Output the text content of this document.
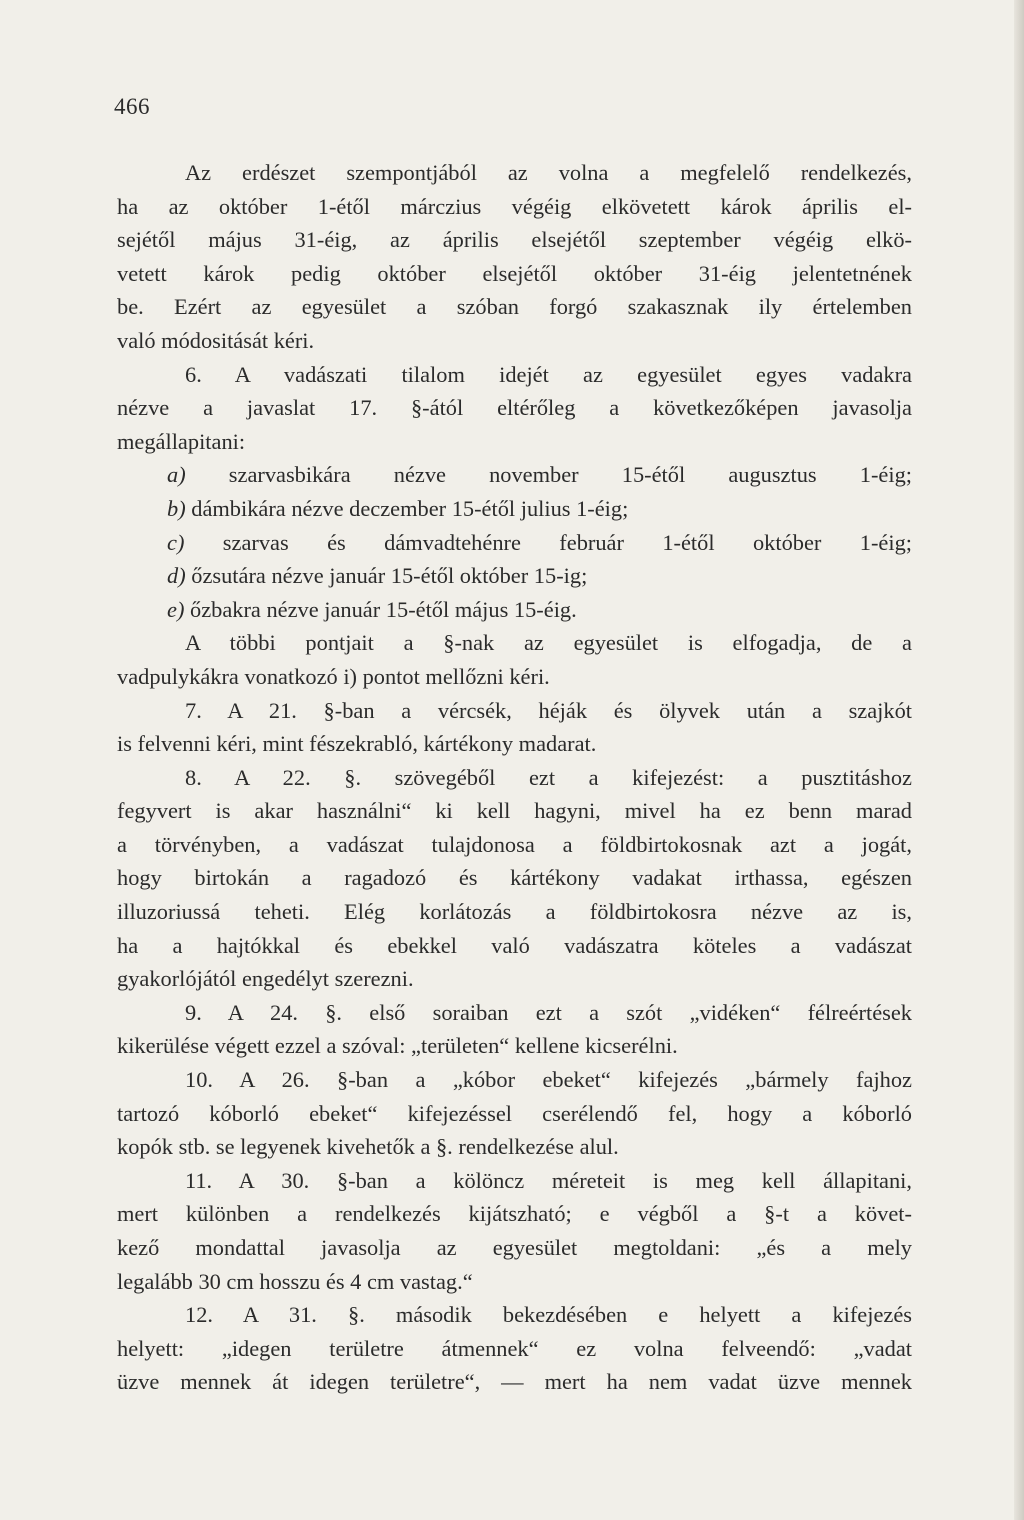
466
Az erdészet szempontjából az volna a megfelelő rendelkezés,
ha az október 1-étől márczius végéig elkövetett károk április el-
sejétől május 31-éig, az április elsejétől szeptember végéig elkö-
vetett károk pedig október elsejétől október 31-éig jelentetnének
be. Ezért az egyesület a szóban forgó szakasznak ily értelemben
való módositását kéri.
6. A vadászati tilalom idejét az egyesület egyes vadakra
nézve a javaslat 17. §-ától eltérőleg a következőképen javasolja
megállapitani:
a) szarvasbikára nézve november 15-étől augusztus 1-éig;
b) dámbikára nézve deczember 15-étől julius 1-éig;
c) szarvas és dámvadtehénre február 1-étől október 1-éig;
d) őzsutára nézve január 15-étől október 15-ig;
e) őzbakra nézve január 15-étől május 15-éig.
A többi pontjait a §-nak az egyesület is elfogadja, de a
vadpulykákra vonatkozó i) pontot mellőzni kéri.
7. A 21. §-ban a vércsék, héják és ölyvek után a szajkót
is felvenni kéri, mint fészekrabló, kártékony madarat.
8. A 22. §. szövegéből ezt a kifejezést: a pusztitáshoz
fegyvert is akar használni“ ki kell hagyni, mivel ha ez benn marad
a törvényben, a vadászat tulajdonosa a földbirtokosnak azt a jogát,
hogy birtokán a ragadozó és kártékony vadakat irthassa, egészen
illuzoriussá teheti. Elég korlátozás a földbirtokosra nézve az is,
ha a hajtókkal és ebekkel való vadászatra köteles a vadászat
gyakorlójától engedélyt szerezni.
9. A 24. §. első soraiban ezt a szót „vidéken“ félreértések
kikerülése végett ezzel a szóval: „területen“ kellene kicserélni.
10. A 26. §-ban a „kóbor ebeket“ kifejezés „bármely fajhoz
tartozó kóborló ebeket“ kifejezéssel cserélendő fel, hogy a kóborló
kopók stb. se legyenek kivehetők a §. rendelkezése alul.
11. A 30. §-ban a kölöncz méreteit is meg kell állapitani,
mert különben a rendelkezés kijátszható; e végből a §-t a követ-
kező mondattal javasolja az egyesület megtoldani: „és a mely
legalább 30 cm hosszu és 4 cm vastag.“
12. A 31. §. második bekezdésében e helyett a kifejezés
helyett: „idegen területre átmennek“ ez volna felveendő: „vadat
üzve mennek át idegen területre“, — mert ha nem vadat üzve mennek
